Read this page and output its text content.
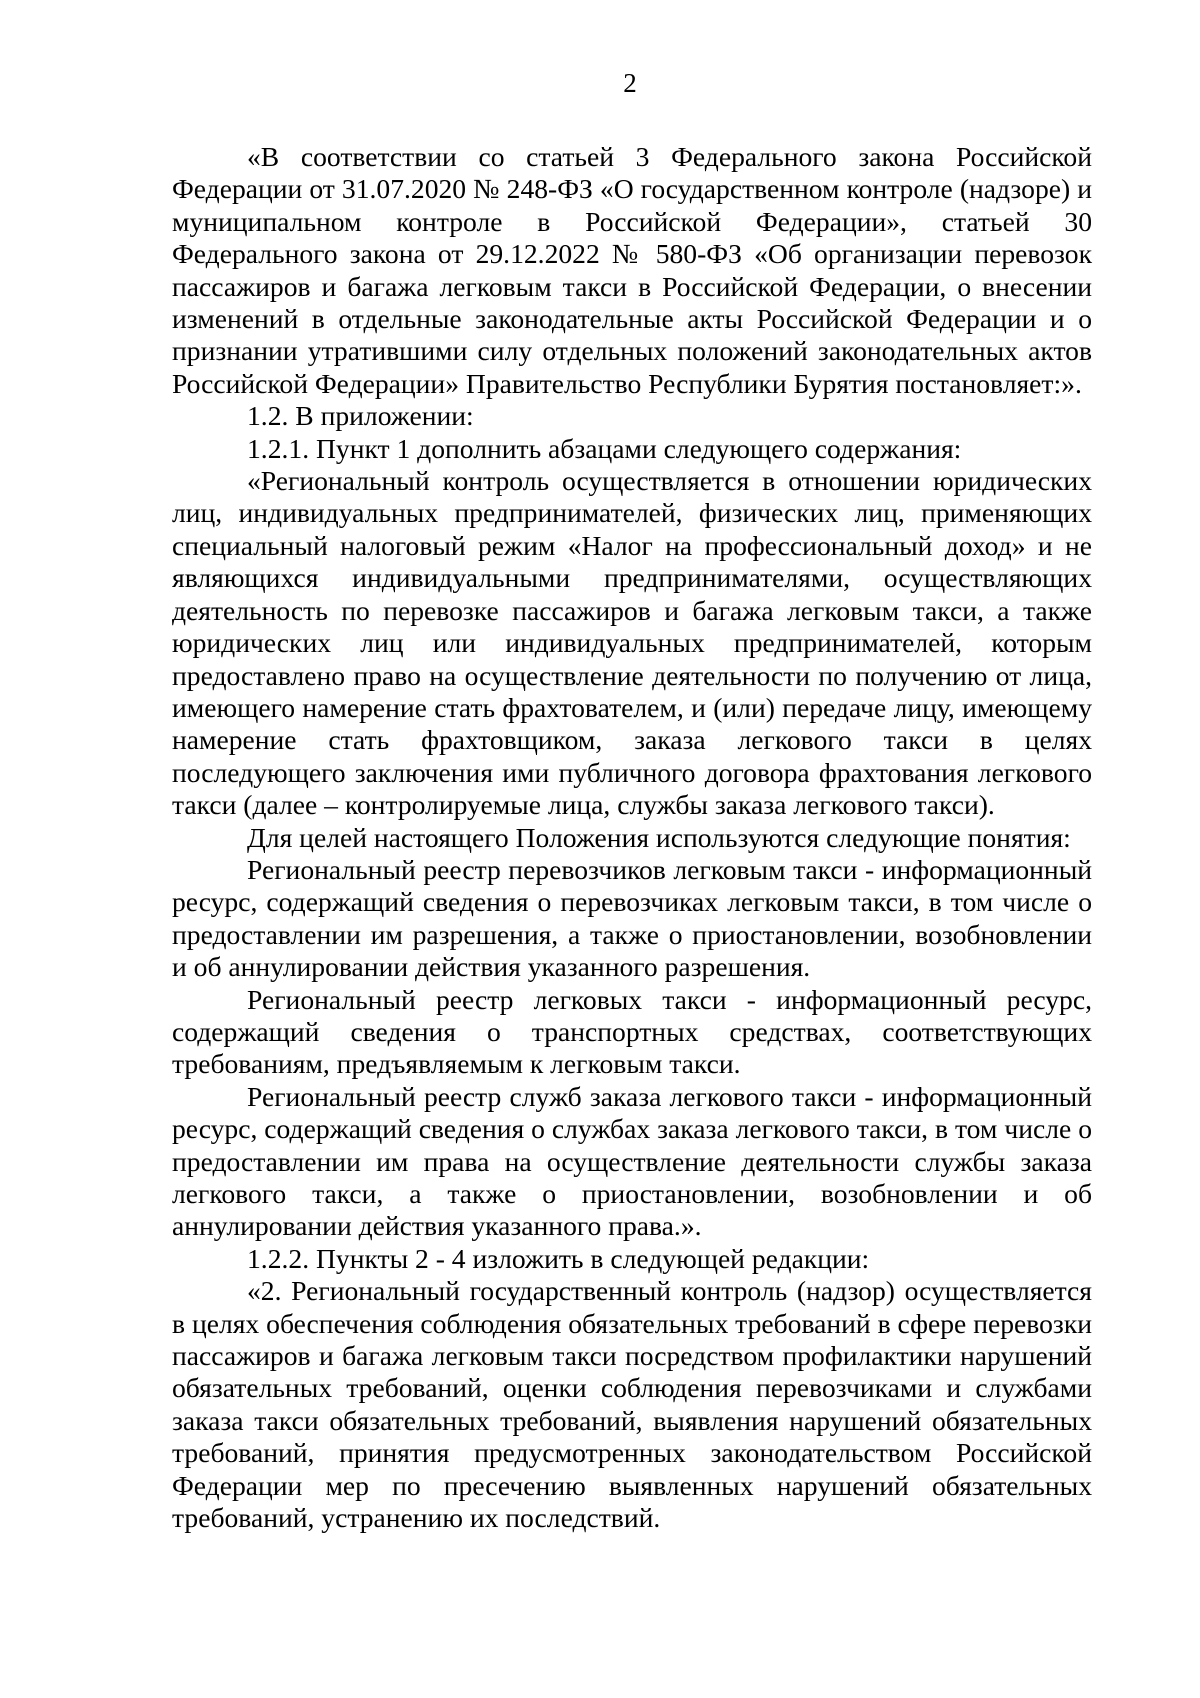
2

«В соответствии со статьей 3 Федерального закона Российской Федерации от 31.07.2020 № 248-ФЗ «О государственном контроле (надзоре) и муниципальном контроле в Российской Федерации», статьей 30 Федерального закона от 29.12.2022 № 580-ФЗ «Об организации перевозок пассажиров и багажа легковым такси в Российской Федерации, о внесении изменений в отдельные законодательные акты Российской Федерации и о признании утратившими силу отдельных положений законодательных актов Российской Федерации» Правительство Республики Бурятия постановляет:».

1.2. В приложении:

1.2.1. Пункт 1 дополнить абзацами следующего содержания:

«Региональный контроль осуществляется в отношении юридических лиц, индивидуальных предпринимателей, физических лиц, применяющих специальный налоговый режим «Налог на профессиональный доход» и не являющихся индивидуальными предпринимателями, осуществляющих деятельность по перевозке пассажиров и багажа легковым такси, а также юридических лиц или индивидуальных предпринимателей, которым предоставлено право на осуществление деятельности по получению от лица, имеющего намерение стать фрахтователем, и (или) передаче лицу, имеющему намерение стать фрахтовщиком, заказа легкового такси в целях последующего заключения ими публичного договора фрахтования легкового такси (далее – контролируемые лица, службы заказа легкового такси).

Для целей настоящего Положения используются следующие понятия:

Региональный реестр перевозчиков легковым такси - информационный ресурс, содержащий сведения о перевозчиках легковым такси, в том числе о предоставлении им разрешения, а также о приостановлении, возобновлении и об аннулировании действия указанного разрешения.

Региональный реестр легковых такси - информационный ресурс, содержащий сведения о транспортных средствах, соответствующих требованиям, предъявляемым к легковым такси.

Региональный реестр служб заказа легкового такси - информационный ресурс, содержащий сведения о службах заказа легкового такси, в том числе о предоставлении им права на осуществление деятельности службы заказа легкового такси, а также о приостановлении, возобновлении и об аннулировании действия указанного права.».

1.2.2. Пункты 2 - 4 изложить в следующей редакции:

«2. Региональный государственный контроль (надзор) осуществляется в целях обеспечения соблюдения обязательных требований в сфере перевозки пассажиров и багажа легковым такси посредством профилактики нарушений обязательных требований, оценки соблюдения перевозчиками и службами заказа такси обязательных требований, выявления нарушений обязательных требований, принятия предусмотренных законодательством Российской Федерации мер по пресечению выявленных нарушений обязательных требований, устранению их последствий.
